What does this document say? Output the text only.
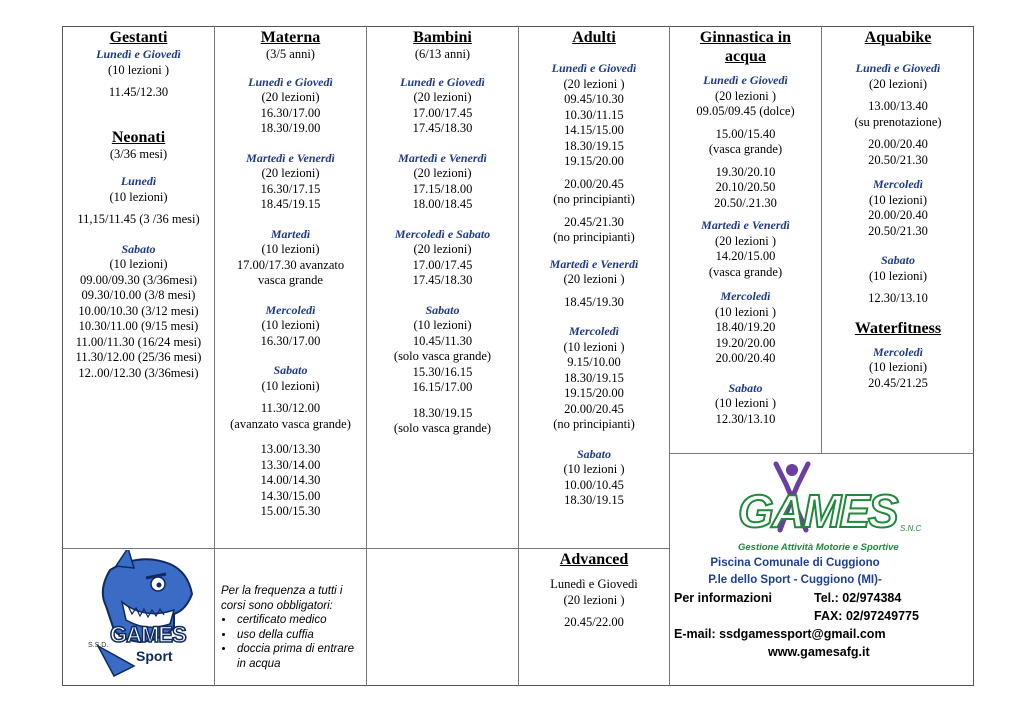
Gestanti
Lunedì e Giovedì
(10 lezioni )
11.45/12.30
Neonati
(3/36 mesi)
Lunedì
(10 lezioni)
11,15/11.45 (3 /36 mesi)
Sabato
(10 lezioni)
09.00/09.30 (3/36mesi)
09.30/10.00 (3/8 mesi)
10.00/10.30 (3/12 mesi)
10.30/11.00 (9/15 mesi)
11.00/11.30 (16/24 mesi)
11.30/12.00 (25/36 mesi)
12..00/12.30 (3/36mesi)
Materna
(3/5 anni)
Lunedì e Giovedì
(20 lezioni)
16.30/17.00
18.30/19.00
Martedì e Venerdì
(20 lezioni)
16.30/17.15
18.45/19.15
Martedì
(10 lezioni)
17.00/17.30 avanzato
vasca grande
Mercoledì
(10 lezioni)
16.30/17.00
Sabato
(10 lezioni)
11.30/12.00
(avanzato vasca grande)
13.00/13.30
13.30/14.00
14.00/14.30
14.30/15.00
15.00/15.30
Bambini
(6/13 anni)
Lunedì e Giovedì
(20 lezioni)
17.00/17.45
17.45/18.30
Martedì e Venerdì
(20 lezioni)
17.15/18.00
18.00/18.45
Mercoledì e Sabato
(20 lezioni)
17.00/17.45
17.45/18.30
Sabato
(10 lezioni)
10.45/11.30
(solo vasca grande)
15.30/16.15
16.15/17.00
18.30/19.15
(solo vasca grande)
Adulti
Lunedì e Giovedì
(20 lezioni )
09.45/10.30
10.30/11.15
14.15/15.00
18.30/19.15
19.15/20.00
20.00/20.45
(no principianti)
20.45/21.30
(no principianti)
Martedì e Venerdì
(20 lezioni )
18.45/19.30
Mercoledì
(10 lezioni )
9.15/10.00
18.30/19.15
19.15/20.00
20.00/20.45
(no principianti)
Sabato
(10 lezioni )
10.00/10.45
18.30/19.15
Advanced
Lunedì e Giovedì
(20 lezioni )
20.45/22.00
Ginnastica in
acqua
Lunedì e Giovedì
(20 lezioni )
09.05/09.45 (dolce)
15.00/15.40
(vasca grande)
19.30/20.10
20.10/20.50
20.50/.21.30
Martedì e Venerdì
(20 lezioni )
14.20/15.00
(vasca grande)
Mercoledì
(10 lezioni )
18.40/19.20
19.20/20.00
20.00/20.40
Sabato
(10 lezioni )
12.30/13.10
Aquabike
Lunedì e Giovedì
(20 lezioni)
13.00/13.40
(su prenotazione)
20.00/20.40
20.50/21.30
Mercoledì
(10 lezioni)
20.00/20.40
20.50/21.30
Sabato
(10 lezioni)
12.30/13.10
Waterfitness
Mercoledì
(10 lezioni)
20.45/21.25
S.S.D. GAMES
Sport
Per la frequenza a tutti i corsi sono obbligatori:
• certificato medico
• uso della cuffia
• doccia prima di entrare in acqua
GAMES S.N.C
Gestione Attività Motorie e Sportive
Piscina Comunale di Cuggiono
P.le dello Sport - Cuggiono (MI)-
Per informazioni	Tel.: 02/974384
FAX: 02/97249775
E-mail: ssdgamessport@gmail.com
www.gamesafg.it
